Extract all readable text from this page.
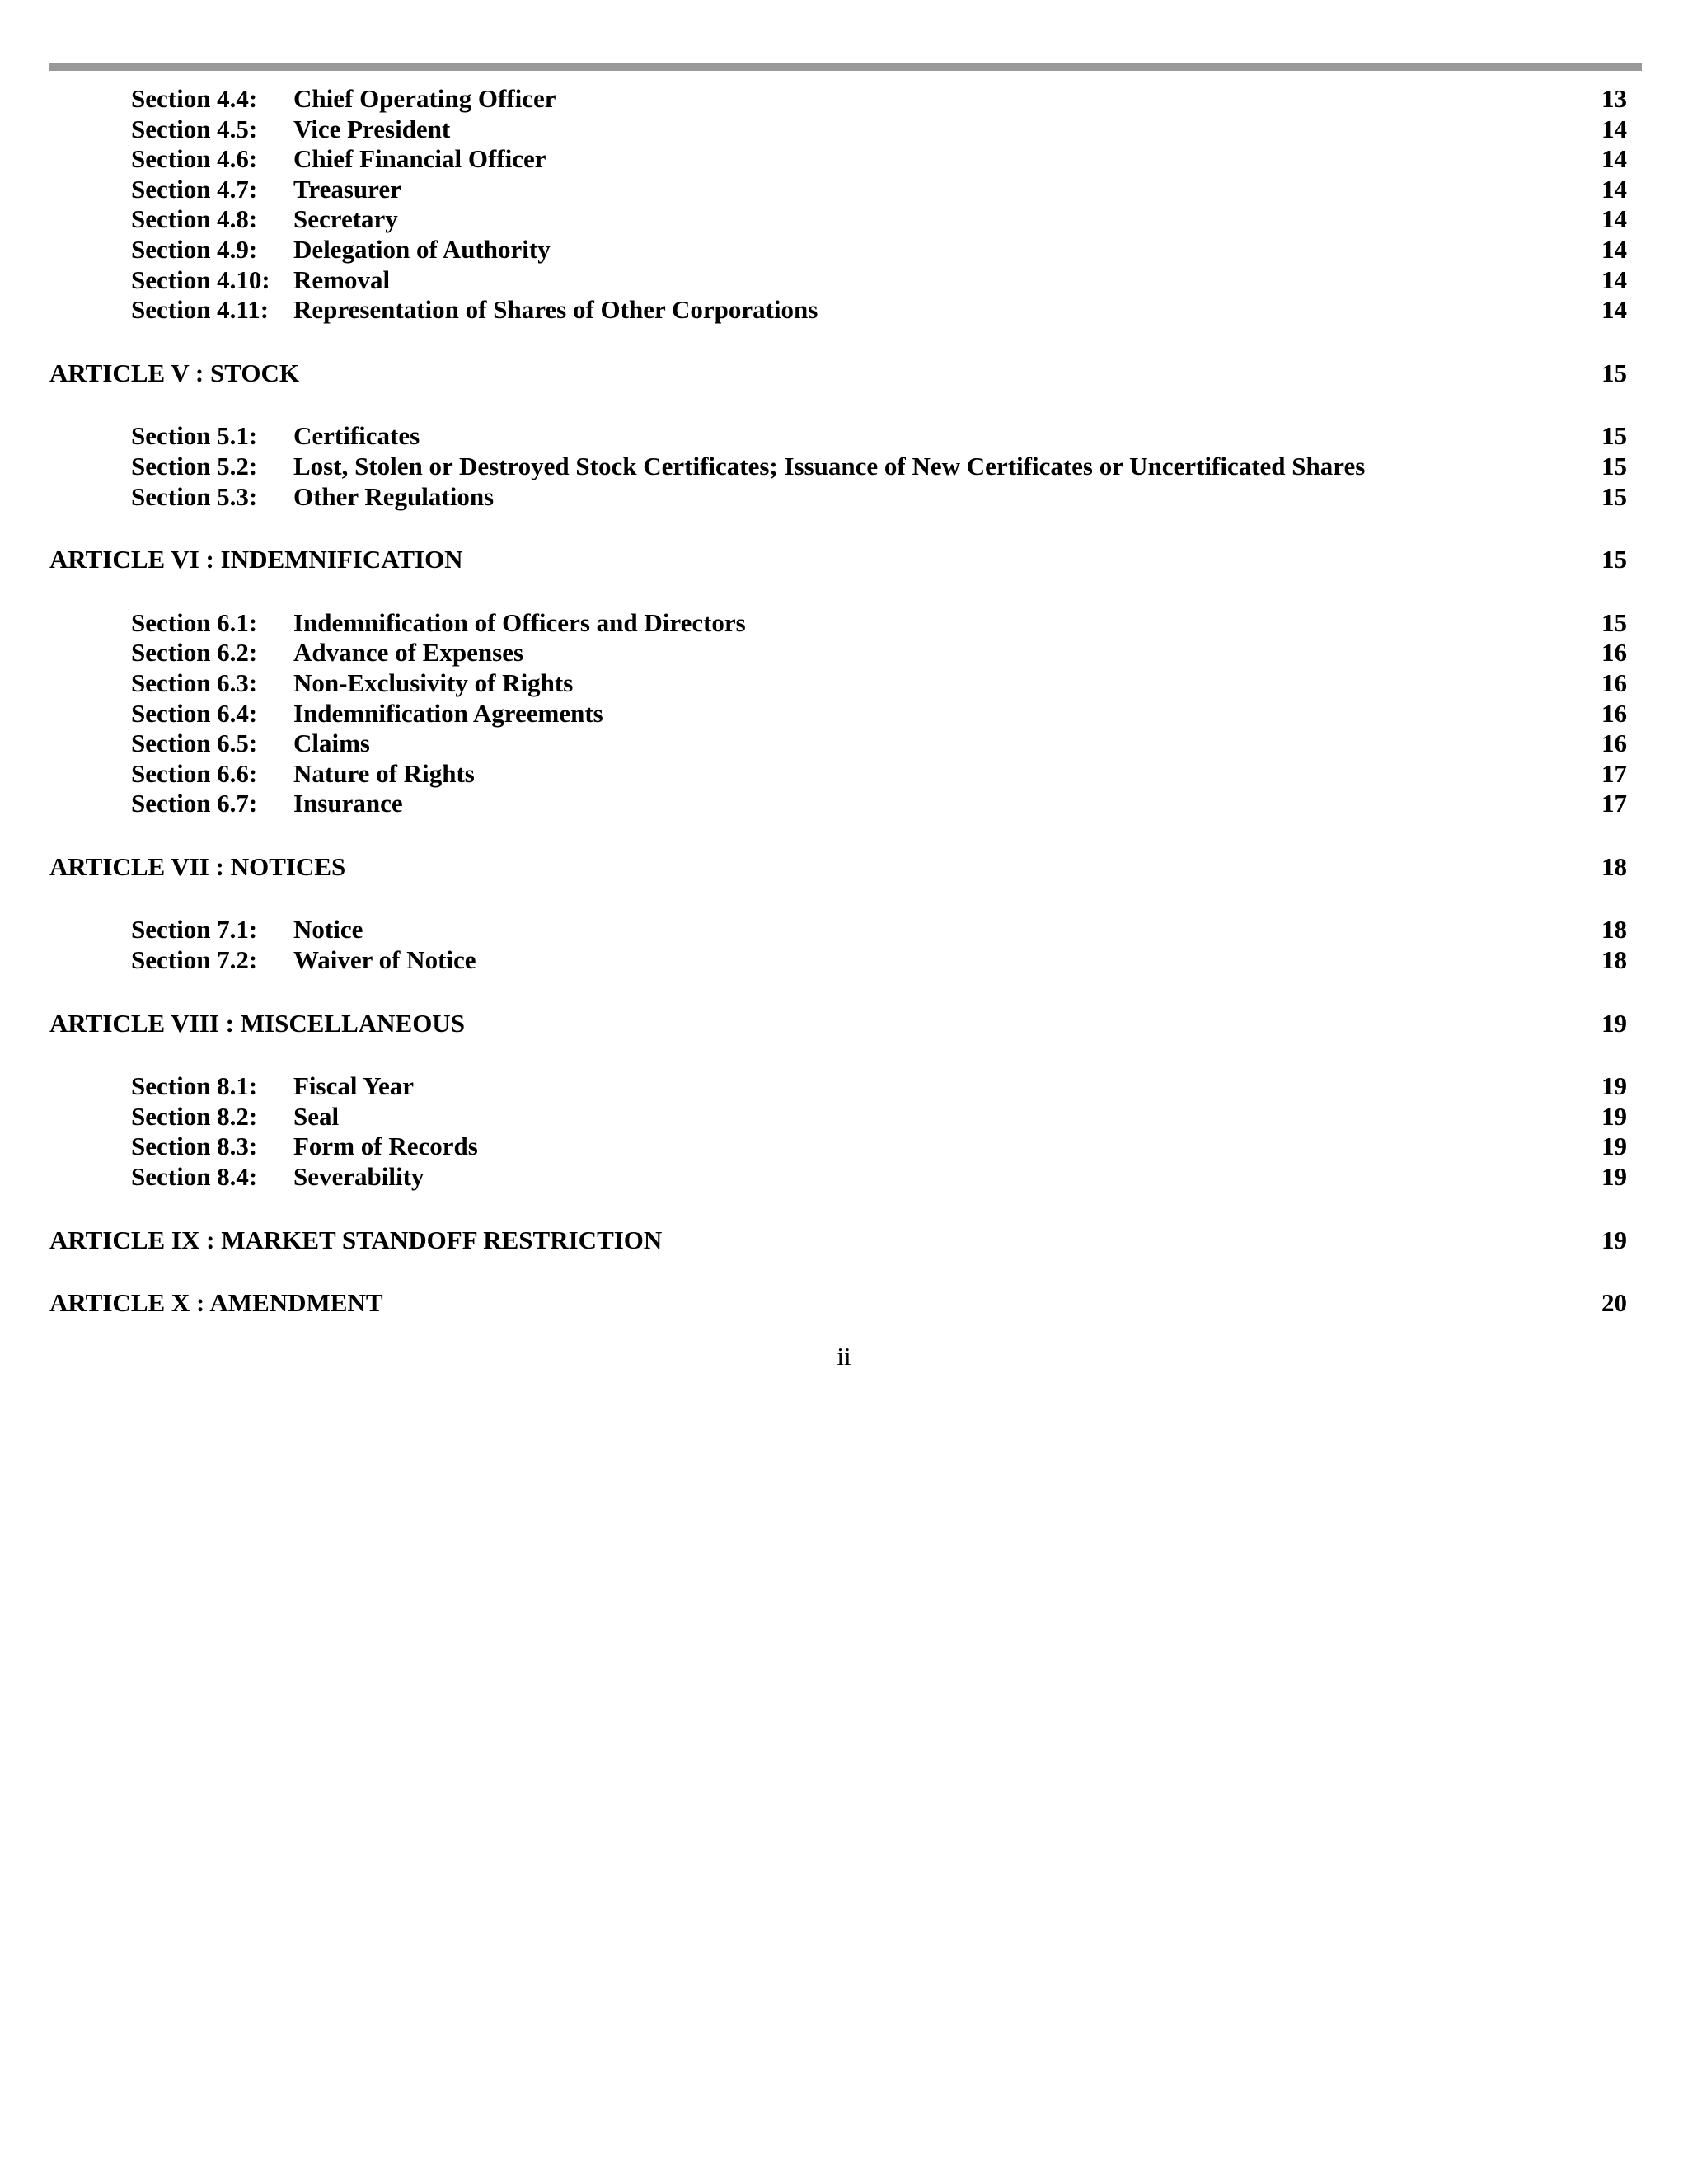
Section 4.4: Chief Operating Officer	13
Section 4.5: Vice President	14
Section 4.6: Chief Financial Officer	14
Section 4.7: Treasurer	14
Section 4.8: Secretary	14
Section 4.9: Delegation of Authority	14
Section 4.10: Removal	14
Section 4.11: Representation of Shares of Other Corporations	14
ARTICLE V : STOCK	15
Section 5.1: Certificates	15
Section 5.2: Lost, Stolen or Destroyed Stock Certificates; Issuance of New Certificates or Uncertificated Shares	15
Section 5.3: Other Regulations	15
ARTICLE VI : INDEMNIFICATION	15
Section 6.1: Indemnification of Officers and Directors	15
Section 6.2: Advance of Expenses	16
Section 6.3: Non-Exclusivity of Rights	16
Section 6.4: Indemnification Agreements	16
Section 6.5: Claims	16
Section 6.6: Nature of Rights	17
Section 6.7: Insurance	17
ARTICLE VII : NOTICES	18
Section 7.1: Notice	18
Section 7.2: Waiver of Notice	18
ARTICLE VIII : MISCELLANEOUS	19
Section 8.1: Fiscal Year	19
Section 8.2: Seal	19
Section 8.3: Form of Records	19
Section 8.4: Severability	19
ARTICLE IX : MARKET STANDOFF RESTRICTION	19
ARTICLE X : AMENDMENT	20
ii
